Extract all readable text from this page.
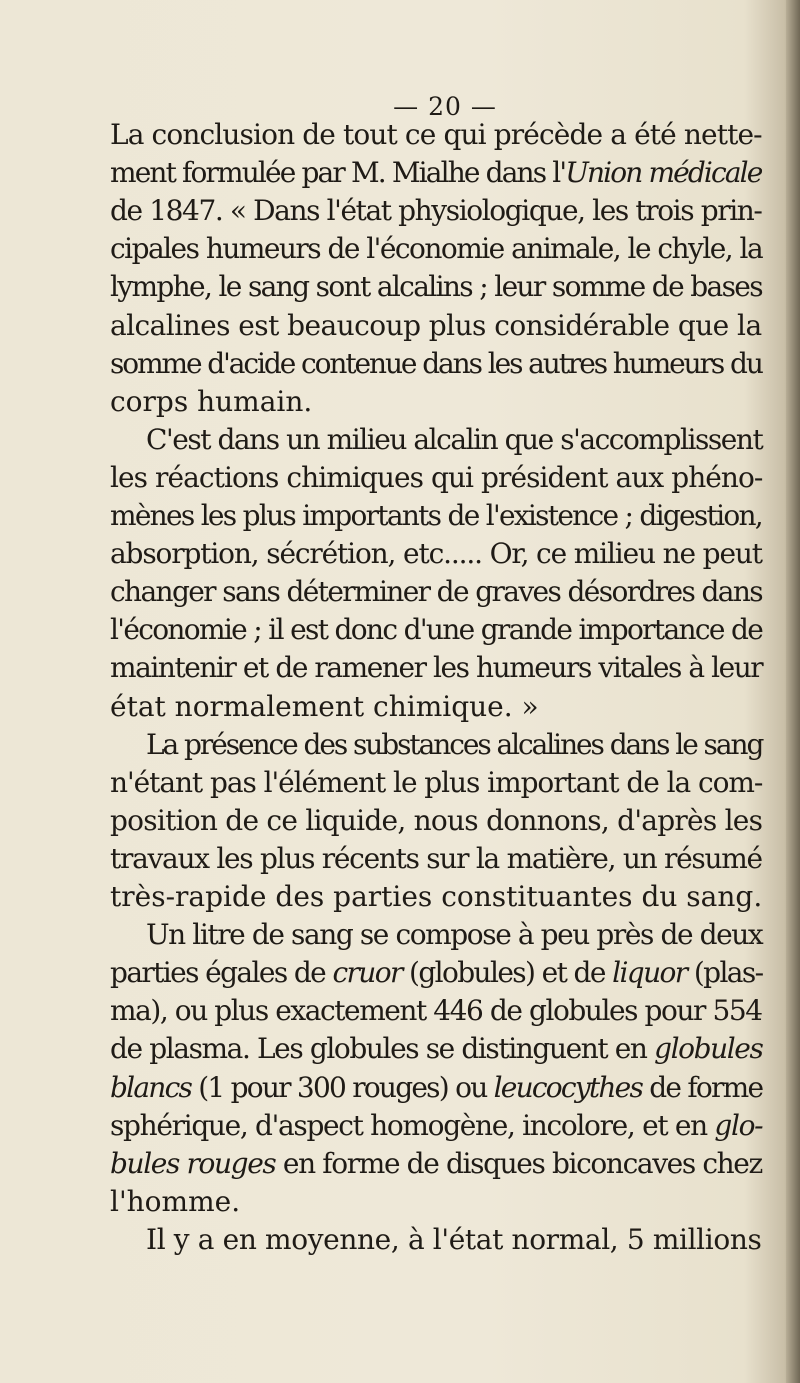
— 20 —
La conclusion de tout ce qui précède a été nette-
ment formulée par M. Mialhe dans l'Union médicale
de 1847. « Dans l'état physiologique, les trois prin-
cipales humeurs de l'économie animale, le chyle, la
lymphe, le sang sont alcalins ; leur somme de bases
alcalines est beaucoup plus considérable que la
somme d'acide contenue dans les autres humeurs du
corps humain.
C'est dans un milieu alcalin que s'accomplissent
les réactions chimiques qui président aux phéno-
mènes les plus importants de l'existence ; digestion,
absorption, sécrétion, etc..... Or, ce milieu ne peut
changer sans déterminer de graves désordres dans
l'économie ; il est donc d'une grande importance de
maintenir et de ramener les humeurs vitales à leur
état normalement chimique. »
La présence des substances alcalines dans le sang
n'étant pas l'élément le plus important de la com-
position de ce liquide, nous donnons, d'après les
travaux les plus récents sur la matière, un résumé
très-rapide des parties constituantes du sang.
Un litre de sang se compose à peu près de deux
parties égales de cruor (globules) et de liquor (plas-
ma), ou plus exactement 446 de globules pour 554
de plasma. Les globules se distinguent en globules
blancs (1 pour 300 rouges) ou leucocythes de forme
sphérique, d'aspect homogène, incolore, et en glo-
bules rouges en forme de disques biconcaves chez
l'homme.
Il y a en moyenne, à l'état normal, 5 millions
